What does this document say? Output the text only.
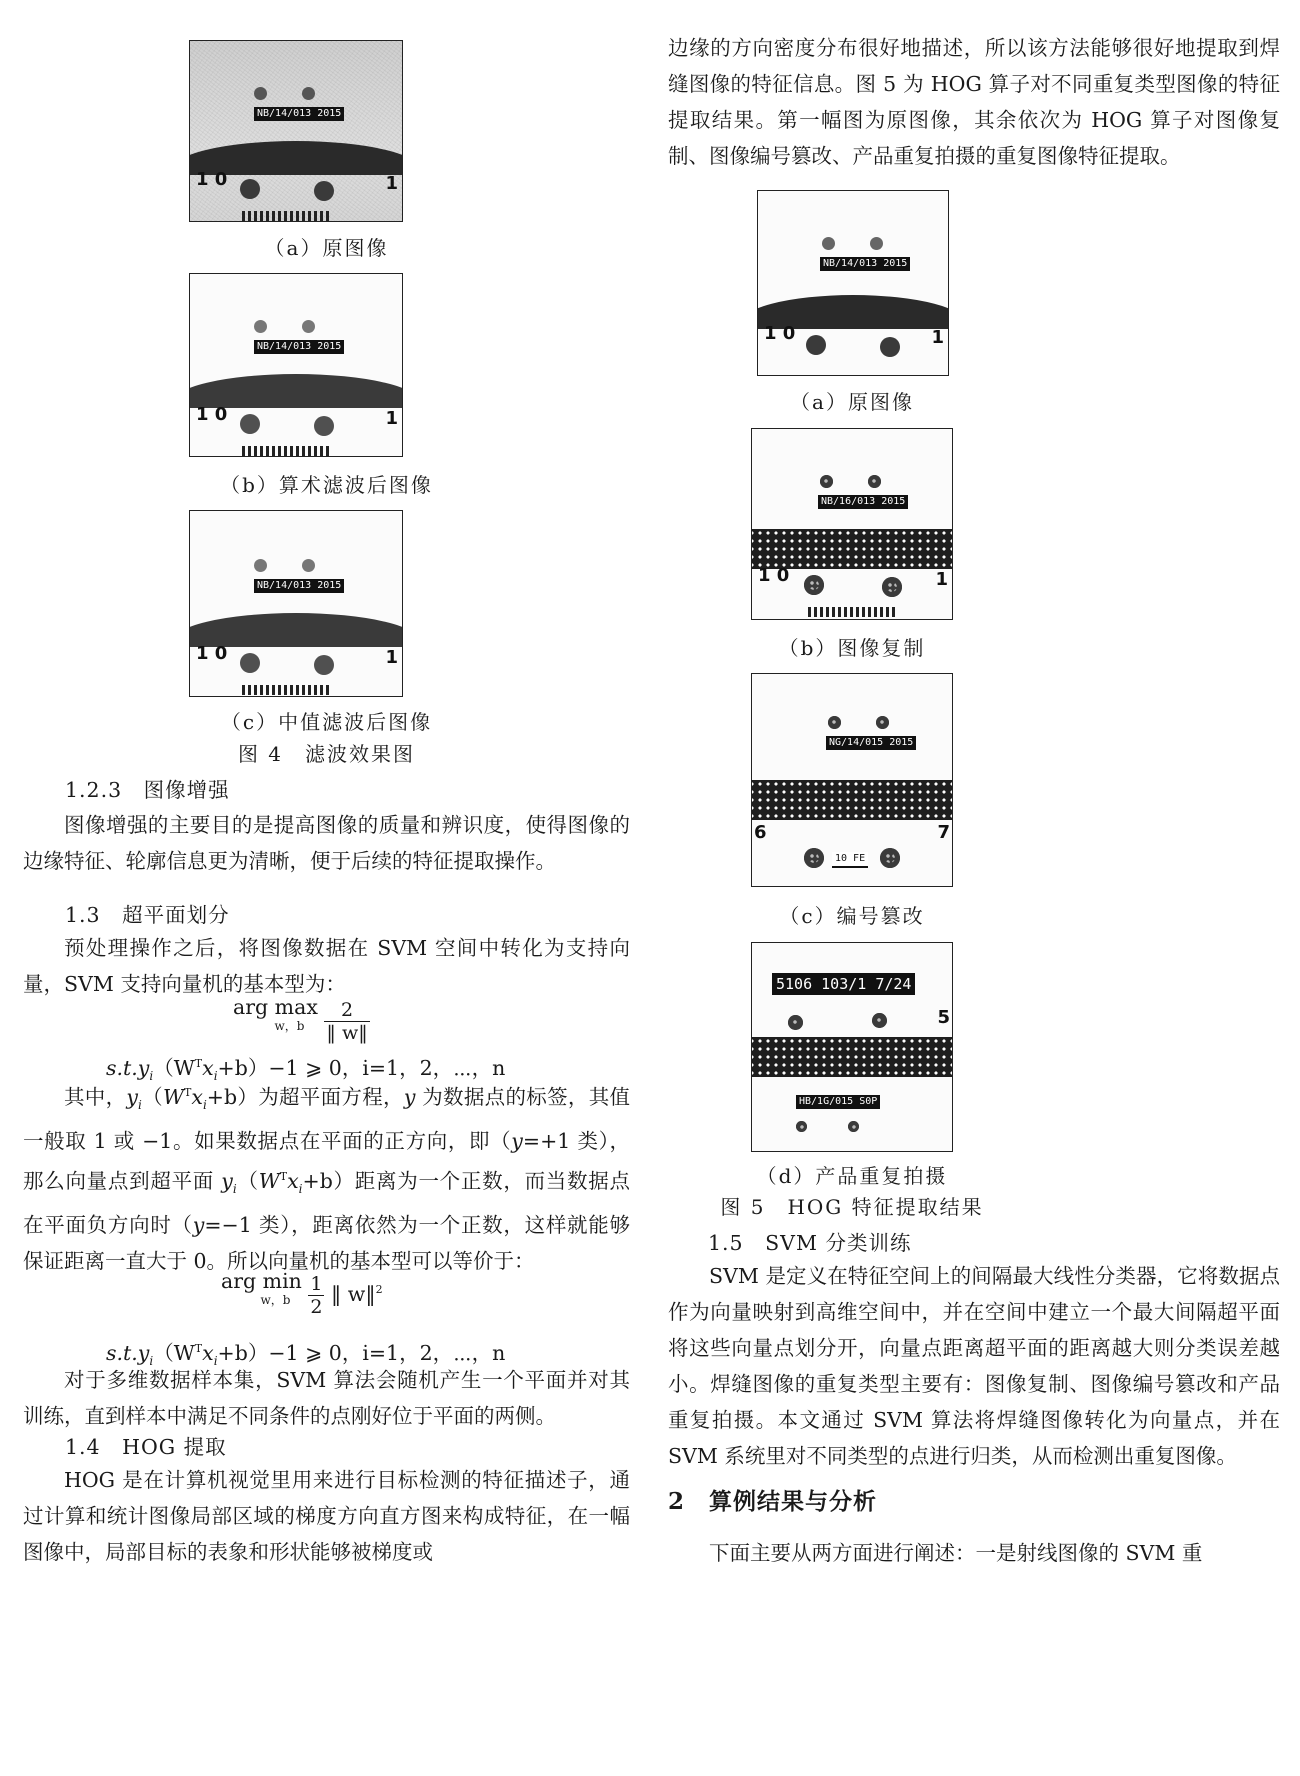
NB/14/013 2015
1 0	1

（a）原图像

NB/14/013 2015
1 0	1

（b）算术滤波后图像

NB/14/013 2015
1 0	1

（c）中值滤波后图像

图 4　滤波效果图

1.2.3　图像增强

图像增强的主要目的是提高图像的质量和辨识度，使得图像的边缘特征、轮廓信息更为清晰，便于后续的特征提取操作。

1.3　超平面划分

预处理操作之后，将图像数据在 SVM 空间中转化为支持向量，SVM 支持向量机的基本型为：

arg max
$^{w,b} \frac{2}{‖ w‖}$
$s.t.y_i(W^Tx_i+b)-1$ ⩾ 0，i=1，2，⋯，n

其中，$y_i(W^Tx_i+b)$为超平面方程，y 为数据点的标签，其值一般取 1 或 −1。如果数据点在平面的正方向，即（y=+1 类），那么向量点到超平面 $y_i(W^Tx_i+b)$距离为一个正数，而当数据点在平面负方向时（y=−1 类），距离依然为一个正数，这样就能够保证距离一直大于 0。所以向量机的基本型可以等价于：

arg min
$^{w,b} \frac{1}{2}$ ‖ w‖$^2$
$s.t.y_i(W^Tx_i+b)-1$ ⩾ 0，i=1，2，⋯，n

对于多维数据样本集，SVM 算法会随机产生一个平面并对其训练，直到样本中满足不同条件的点刚好位于平面的两侧。

1.4　HOG 提取

HOG 是在计算机视觉里用来进行目标检测的特征描述子，通过计算和统计图像局部区域的梯度方向直方图来构成特征，在一幅图像中，局部目标的表象和形状能够被梯度或

边缘的方向密度分布很好地描述，所以该方法能够很好地提取到焊缝图像的特征信息。图 5 为 HOG 算子对不同重复类型图像的特征提取结果。第一幅图为原图像，其余依次为 HOG 算子对图像复制、图像编号篡改、产品重复拍摄的重复图像特征提取。

NB/14/013 2015
1 0	1

（a）原图像

NB/16/013 2015
1 0	1

（b）图像复制

NG/14/015 2015
6	7
10 FE

（c）编号篡改

5106 103/1 7/24
5
HB/1G/015 S0P

（d）产品重复拍摄

图 5　HOG 特征提取结果

1.5　SVM 分类训练

SVM 是定义在特征空间上的间隔最大线性分类器，它将数据点作为向量映射到高维空间中，并在空间中建立一个最大间隔超平面将这些向量点划分开，向量点距离超平面的距离越大则分类误差越小。焊缝图像的重复类型主要有：图像复制、图像编号篡改和产品重复拍摄。本文通过 SVM 算法将焊缝图像转化为向量点，并在 SVM 系统里对不同类型的点进行归类，从而检测出重复图像。

2　算例结果与分析

下面主要从两方面进行阐述：一是射线图像的 SVM 重
